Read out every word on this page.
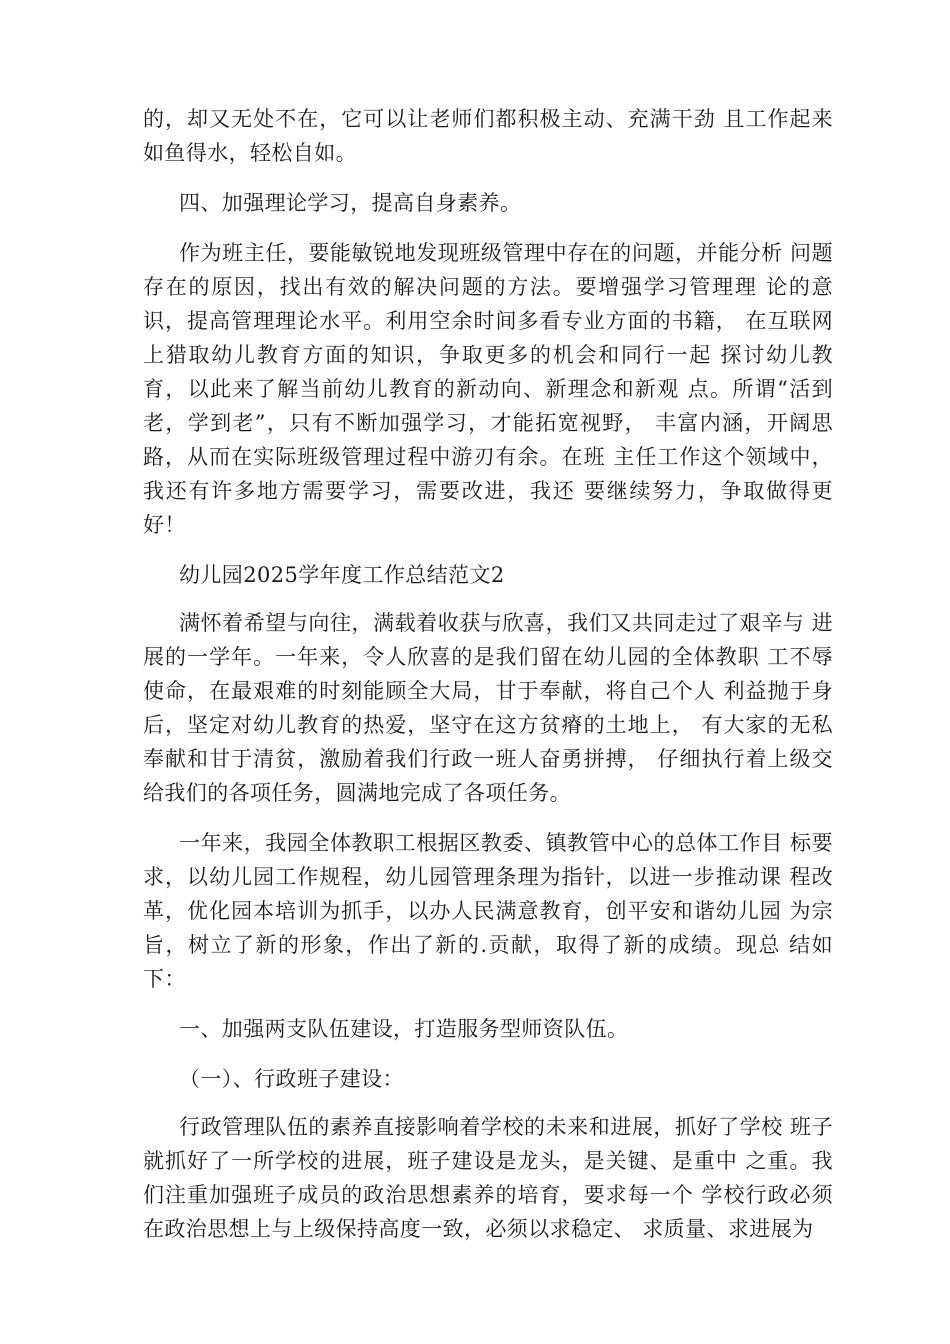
的，却又无处不在，它可以让老师们都积极主动、充满干劲 且工作起来如鱼得水，轻松自如。

四、加强理论学习，提高自身素养。

作为班主任，要能敏锐地发现班级管理中存在的问题，并能分析 问题存在的原因，找出有效的解决问题的方法。要增强学习管理理 论的意识，提高管理理论水平。利用空余时间多看专业方面的书籍， 在互联网上猎取幼儿教育方面的知识，争取更多的机会和同行一起 探讨幼儿教育，以此来了解当前幼儿教育的新动向、新理念和新观 点。所谓“活到老，学到老”，只有不断加强学习，才能拓宽视野， 丰富内涵，开阔思路，从而在实际班级管理过程中游刃有余。在班 主任工作这个领域中，我还有许多地方需要学习，需要改进，我还 要继续努力，争取做得更好！

幼儿园2025学年度工作总结范文2

满怀着希望与向往，满载着收获与欣喜，我们又共同走过了艰辛与 进展的一学年。一年来，令人欣喜的是我们留在幼儿园的全体教职 工不辱使命，在最艰难的时刻能顾全大局，甘于奉献，将自己个人 利益抛于身后，坚定对幼儿教育的热爱，坚守在这方贫瘠的土地上， 有大家的无私奉献和甘于清贫，激励着我们行政一班人奋勇拼搏， 仔细执行着上级交给我们的各项任务，圆满地完成了各项任务。

一年来，我园全体教职工根据区教委、镇教管中心的总体工作目 标要求，以幼儿园工作规程，幼儿园管理条理为指针，以进一步推动课 程改革，优化园本培训为抓手，以办人民满意教育，创平安和谐幼儿园 为宗旨，树立了新的形象，作出了新的.贡献，取得了新的成绩。现总 结如下：

一、加强两支队伍建设，打造服务型师资队伍。

（一）、行政班子建设：

行政管理队伍的素养直接影响着学校的未来和进展，抓好了学校 班子就抓好了一所学校的进展，班子建设是龙头，是关键、是重中 之重。我们注重加强班子成员的政治思想素养的培育，要求每一个 学校行政必须在政治思想上与上级保持高度一致，必须以求稳定、 求质量、求进展为
